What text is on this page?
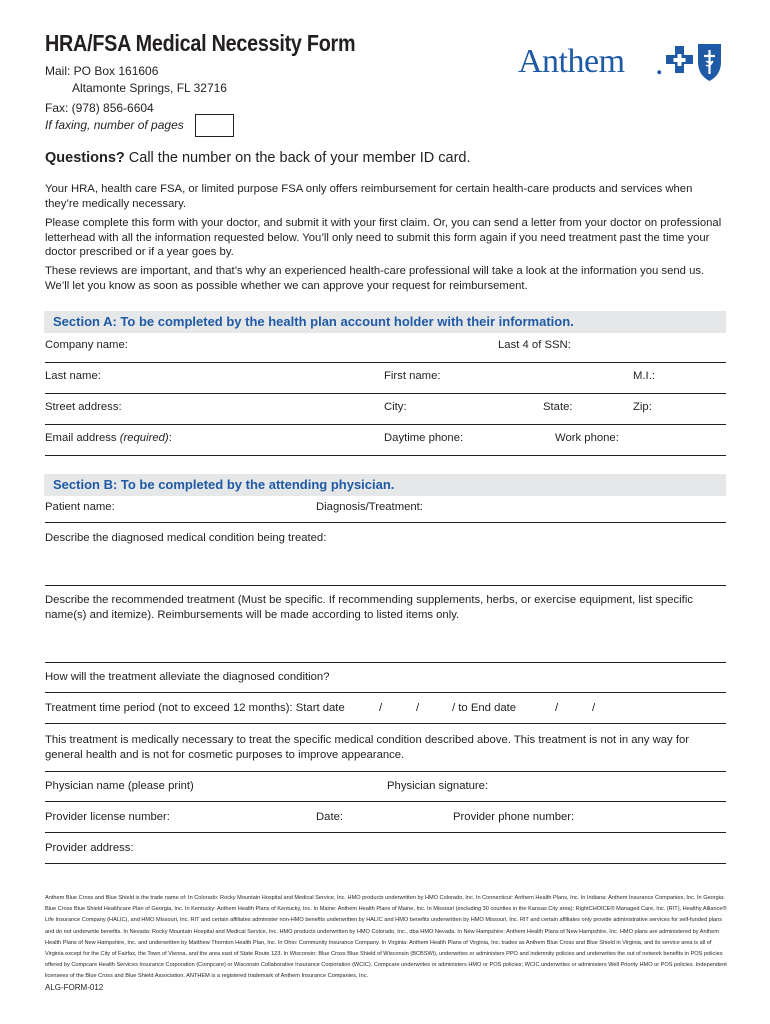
HRA/FSA Medical Necessity Form
Mail: PO Box 161606
Altamonte Springs, FL 32716
Fax: (978) 856-6604
If faxing, number of pages
Anthem .
Questions? Call the number on the back of your member ID card.
Your HRA, health care FSA, or limited purpose FSA only offers reimbursement for certain health-care products and services when they’re medically necessary.
Please complete this form with your doctor, and submit it with your first claim. Or, you can send a letter from your doctor on professional letterhead with all the information requested below. You’ll only need to submit this form again if you need treatment past the time your doctor prescribed or if a year goes by.
These reviews are important, and that’s why an experienced health-care professional will take a look at the information you send us. We’ll let you know as soon as possible whether we can approve your request for reimbursement.
Section A: To be completed by the health plan account holder with their information.
Company name:	Last 4 of SSN:
Last name:	First name:	M.I.:
Street address:	City:	State:	Zip:
Email address (required):	Daytime phone:	Work phone:
Section B: To be completed by the attending physician.
Patient name:	Diagnosis/Treatment:
Describe the diagnosed medical condition being treated:
Describe the recommended treatment (Must be specific. If recommending supplements, herbs, or exercise equipment, list specific name(s) and itemize). Reimbursements will be made according to listed items only.
How will the treatment alleviate the diagnosed condition?
Treatment time period (not to exceed 12 months): Start date	/	/	/ to End date	/	/
This treatment is medically necessary to treat the specific medical condition described above. This treatment is not in any way for general health and is not for cosmetic purposes to improve appearance.
Physician name (please print)	Physician signature:
Provider license number:	Date:	Provider phone number:
Provider address:
Anthem Blue Cross and Blue Shield is the trade name of: In Colorado: Rocky Mountain Hospital and Medical Service, Inc. HMO products underwritten by HMO Colorado, Inc. In Connecticut: Anthem Health Plans, Inc. In Indiana: Anthem Insurance Companies, Inc. In Georgia: Blue Cross Blue Shield Healthcare Plan of Georgia, Inc. In Kentucky: Anthem Health Plans of Kentucky, Inc. In Maine: Anthem Health Plans of Maine, Inc. In Missouri (excluding 30 counties in the Kansas City area): RightCHOICE® Managed Care, Inc. (RIT), Healthy Alliance® Life Insurance Company (HALIC), and HMO Missouri, Inc. RIT and certain affiliates administer non-HMO benefits underwritten by HALIC and HMO benefits underwritten by HMO Missouri, Inc. RIT and certain affiliates only provide administrative services for self-funded plans and do not underwrite benefits. In Nevada: Rocky Mountain Hospital and Medical Service, Inc. HMO products underwritten by HMO Colorado, Inc., dba HMO Nevada. In New Hampshire: Anthem Health Plans of New Hampshire, Inc. HMO plans are administered by Anthem Health Plans of New Hampshire, Inc. and underwritten by Matthew Thornton Health Plan, Inc. In Ohio: Community Insurance Company. In Virginia: Anthem Health Plans of Virginia, Inc. trades as Anthem Blue Cross and Blue Shield in Virginia, and its service area is all of Virginia except for the City of Fairfax, the Town of Vienna, and the area east of State Route 123. In Wisconsin: Blue Cross Blue Shield of Wisconsin (BCBSWi), underwrites or administers PPO and indemnity policies and underwrites the out of network benefits in POS policies offered by Compcare Health Services Insurance Corporation (Compcare) or Wisconsin Collaborative Insurance Corporation (WCIC). Compcare underwrites or administers HMO or POS policies; WCIC underwrites or administers Well Priority HMO or POS policies. Independent licensees of the Blue Cross and Blue Shield Association. ANTHEM is a registered trademark of Anthem Insurance Companies, Inc.
ALG-FORM-012
